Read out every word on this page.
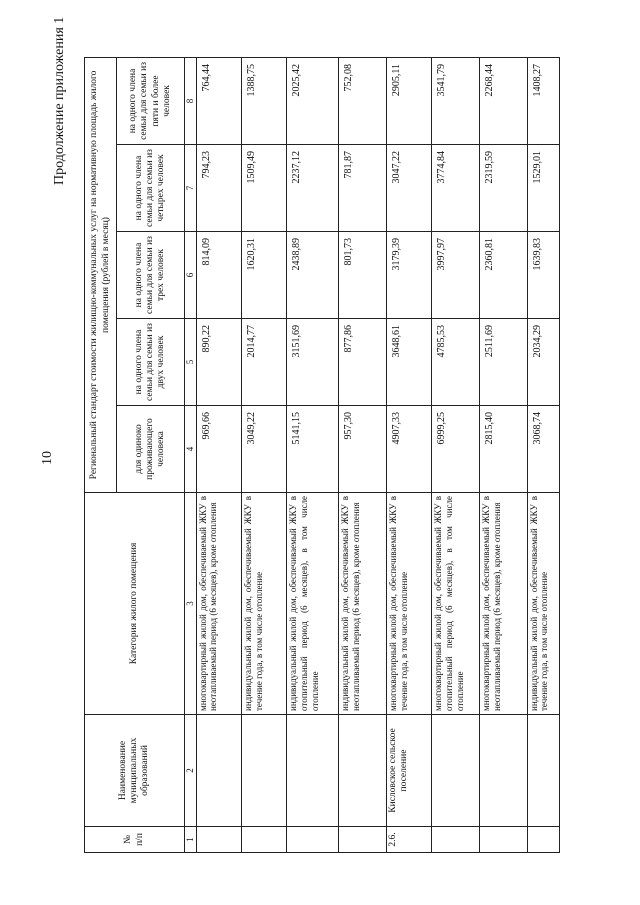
10
Продолжение приложения 1
№ п/п	Наименование муниципальных образований	Категория жилого помещения	Региональный стандарт стоимости жилищно-коммунальных услуг на нормативную площадь жилого помещения (рублей в месяц)				
			для одиноко проживающего человека	на одного члена семьи для семьи из двух человек	на одного члена семьи для семьи из трех человек	на одного члена семьи для семьи из четырех человек	на одного члена семьи для семьи из пяти и более человек

1	2	3	4	5	6	7	8
		многоквартирный жилой дом, обеспечиваемый ЖКУ в неотапливаемый период (6 месяцев), кроме отопления	969,66	890,22	814,09	794,23	764,44
		индивидуальный жилой дом, обеспечиваемый ЖКУ в течение года, в том числе отопление	3049,22	2014,77	1620,31	1509,49	1388,75
		индивидуальный жилой дом, обеспечиваемый ЖКУ в отопительный период (6 месяцев), в том числе отопление	5141,15	3151,69	2438,89	2237,12	2025,42
		индивидуальный жилой дом, обеспечиваемый ЖКУ в неотапливаемый период (6 месяцев), кроме отопления	957,30	877,86	801,73	781,87	752,08
2.6.	Кисловское сельское поселение	многоквартирный жилой дом, обеспечиваемый ЖКУ в течение года, в том числе отопление	4907,33	3648,61	3179,39	3047,22	2905,11
		многоквартирный жилой дом, обеспечиваемый ЖКУ в отопительный период (6 месяцев), в том числе отопление	6999,25	4785,53	3997,97	3774,84	3541,79
		многоквартирный жилой дом, обеспечиваемый ЖКУ в неотапливаемый период (6 месяцев), кроме отопления	2815,40	2511,69	2360,81	2319,59	2268,44
		индивидуальный жилой дом, обеспечиваемый ЖКУ в течение года, в том числе отопление	3068,74	2034,29	1639,83	1529,01	1408,27
